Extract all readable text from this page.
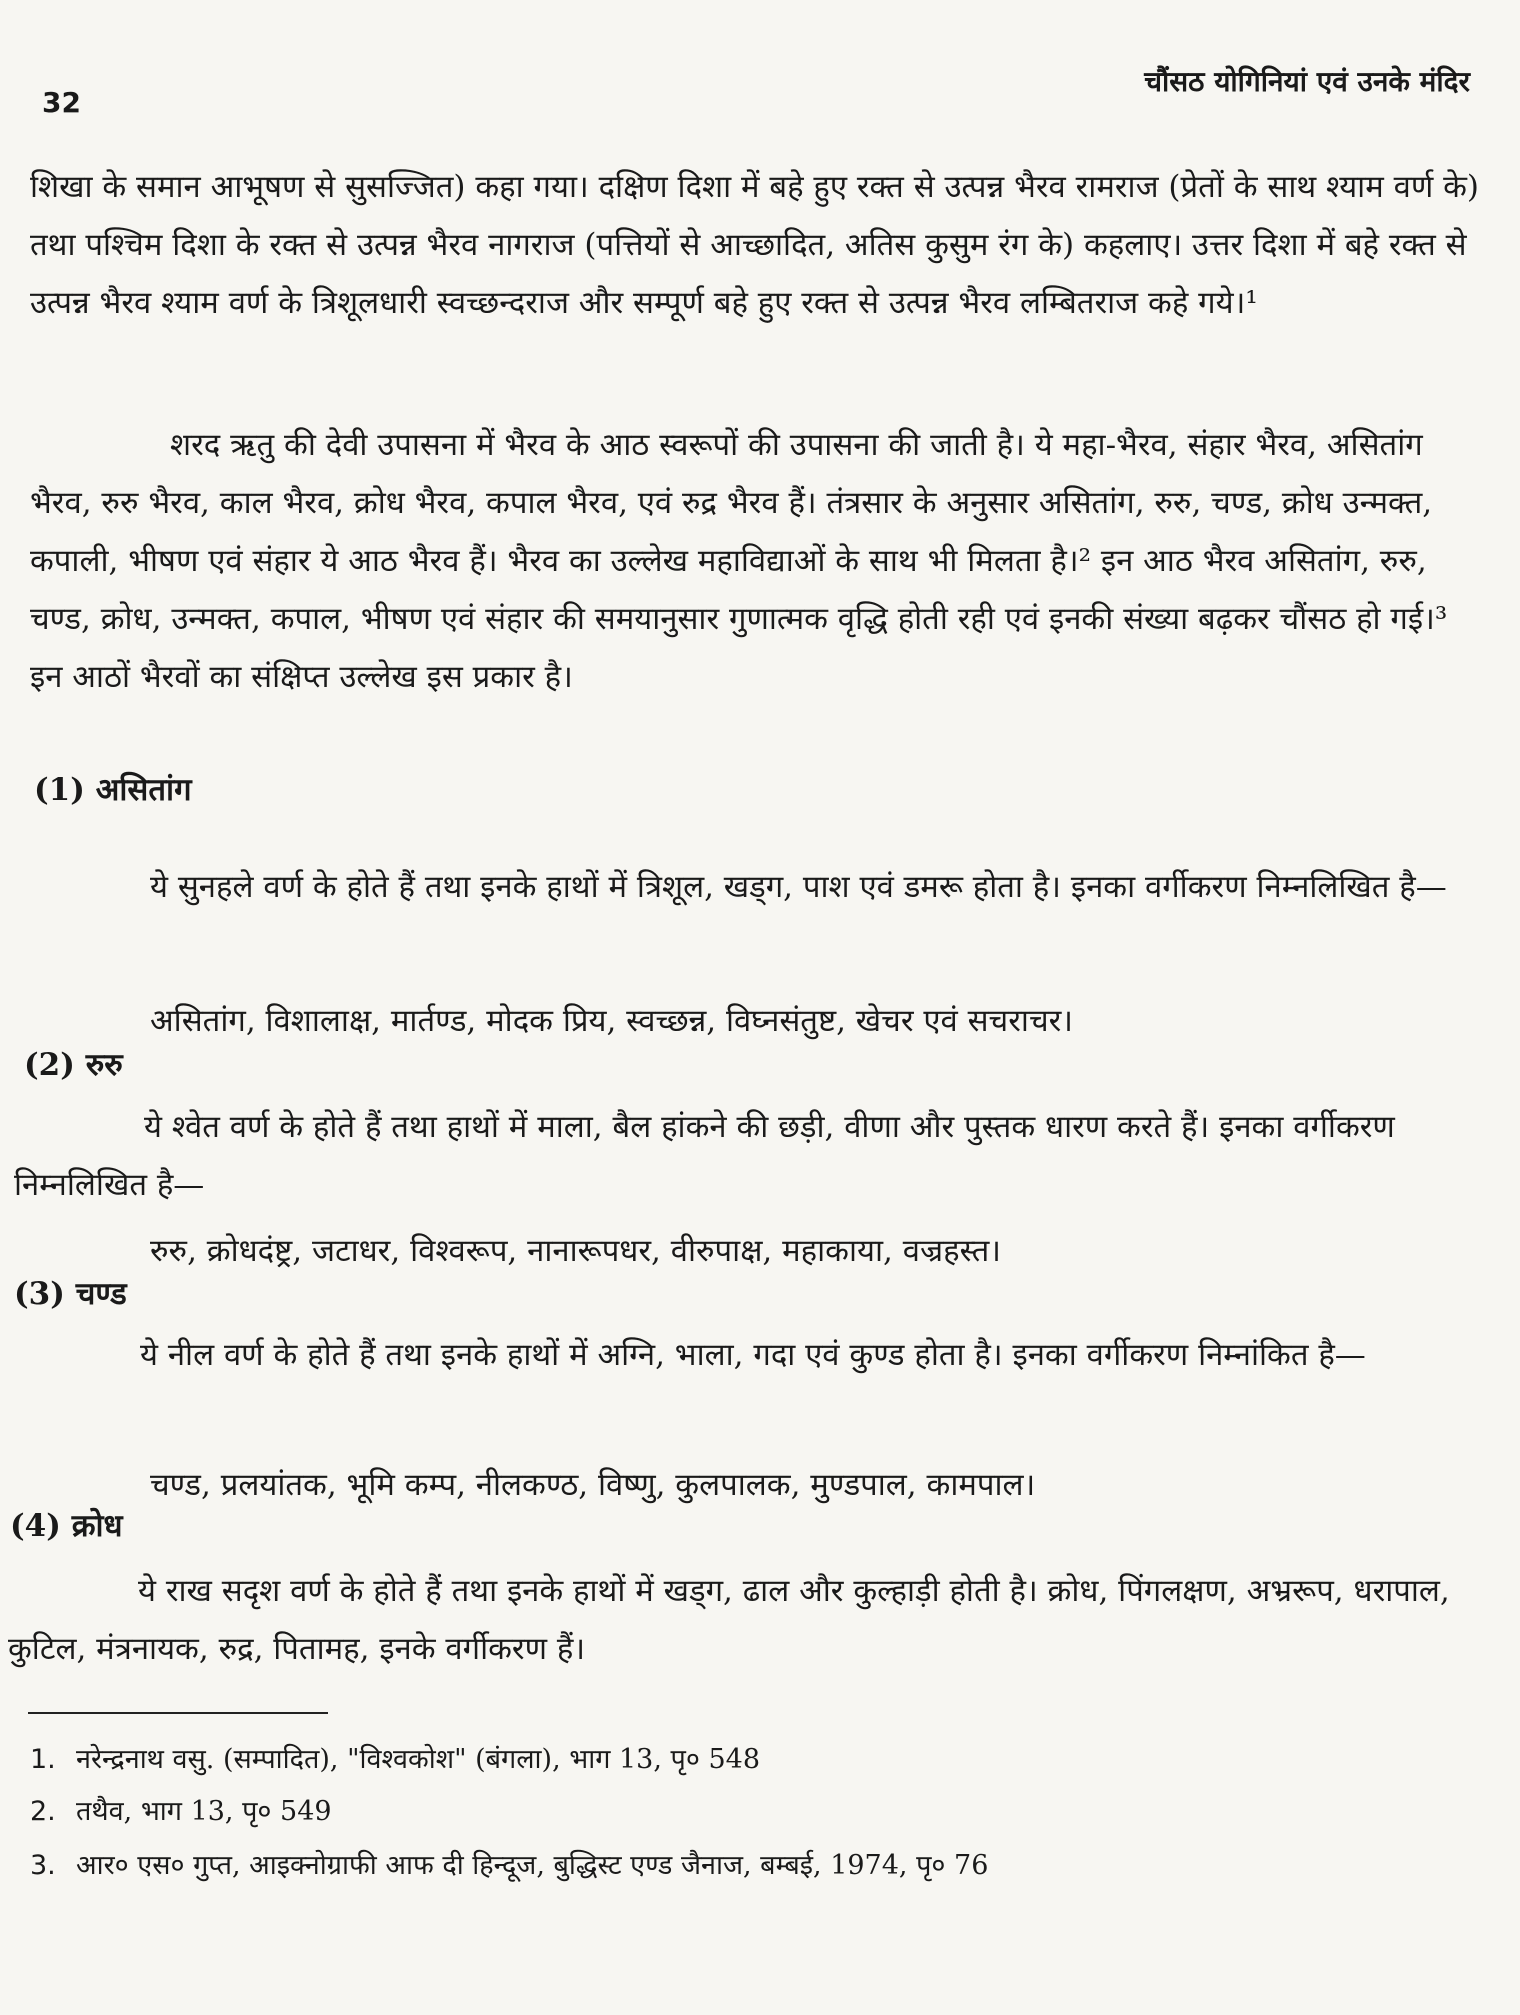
32
चौंसठ योगिनियां एवं उनके मंदिर
शिखा के समान आभूषण से सुसज्जित) कहा गया। दक्षिण दिशा में बहे हुए रक्त से उत्पन्न भैरव रामराज (प्रेतों के साथ श्याम वर्ण के) तथा पश्चिम दिशा के रक्त से उत्पन्न भैरव नागराज (पत्तियों से आच्छादित, अतिस कुसुम रंग के) कहलाए। उत्तर दिशा में बहे रक्त से उत्पन्न भैरव श्याम वर्ण के त्रिशूलधारी स्वच्छन्दराज और सम्पूर्ण बहे हुए रक्त से उत्पन्न भैरव लम्बितराज कहे गये।¹
शरद ऋतु की देवी उपासना में भैरव के आठ स्वरूपों की उपासना की जाती है। ये महा-भैरव, संहार भैरव, असितांग भैरव, रुरु भैरव, काल भैरव, क्रोध भैरव, कपाल भैरव, एवं रुद्र भैरव हैं। तंत्रसार के अनुसार असितांग, रुरु, चण्ड, क्रोध उन्मक्त, कपाली, भीषण एवं संहार ये आठ भैरव हैं। भैरव का उल्लेख महाविद्याओं के साथ भी मिलता है।² इन आठ भैरव असितांग, रुरु, चण्ड, क्रोध, उन्मक्त, कपाल, भीषण एवं संहार की समयानुसार गुणात्मक वृद्धि होती रही एवं इनकी संख्या बढ़कर चौंसठ हो गई।³ इन आठों भैरवों का संक्षिप्त उल्लेख इस प्रकार है।
(1) असितांग
ये सुनहले वर्ण के होते हैं तथा इनके हाथों में त्रिशूल, खड्ग, पाश एवं डमरू होता है। इनका वर्गीकरण निम्नलिखित है—
असितांग, विशालाक्ष, मार्तण्ड, मोदक प्रिय, स्वच्छन्न, विघ्नसंतुष्ट, खेचर एवं सचराचर।
(2) रुरु
ये श्वेत वर्ण के होते हैं तथा हाथों में माला, बैल हांकने की छड़ी, वीणा और पुस्तक धारण करते हैं। इनका वर्गीकरण निम्नलिखित है—
रुरु, क्रोधदंष्ट्र, जटाधर, विश्वरूप, नानारूपधर, वीरुपाक्ष, महाकाया, वज्रहस्त।
(3) चण्ड
ये नील वर्ण के होते हैं तथा इनके हाथों में अग्नि, भाला, गदा एवं कुण्ड होता है। इनका वर्गीकरण निम्नांकित है—
चण्ड, प्रलयांतक, भूमि कम्प, नीलकण्ठ, विष्णु, कुलपालक, मुण्डपाल, कामपाल।
(4) क्रोध
ये राख सदृश वर्ण के होते हैं तथा इनके हाथों में खड्ग, ढाल और कुल्हाड़ी होती है। क्रोध, पिंगलक्षण, अभ्ररूप, धरापाल, कुटिल, मंत्रनायक, रुद्र, पितामह, इनके वर्गीकरण हैं।
1. नरेन्द्रनाथ वसु. (सम्पादित), "विश्वकोश" (बंगला), भाग 13, पृ० 548
2. तथैव, भाग 13, पृ० 549
3. आर० एस० गुप्त, आइक्नोग्राफी आफ दी हिन्दूज, बुद्धिस्ट एण्ड जैनाज, बम्बई, 1974, पृ० 76
